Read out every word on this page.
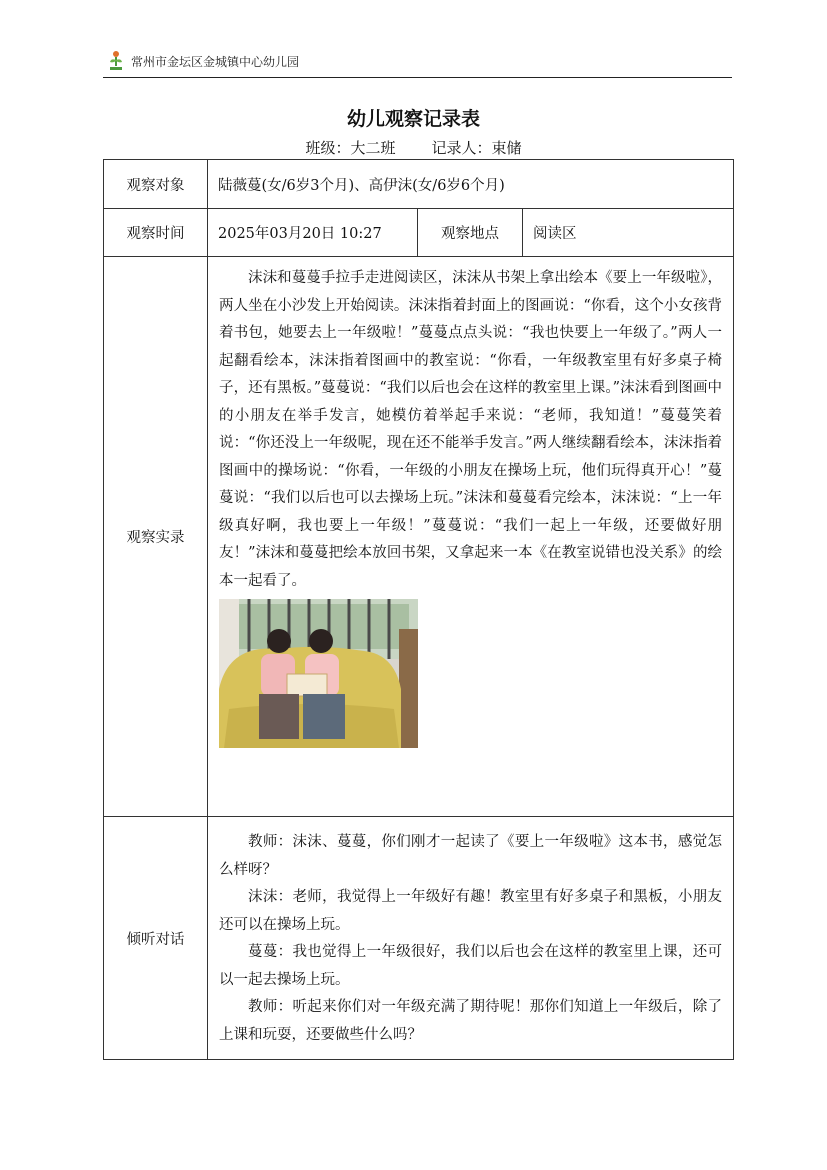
常州市金坛区金城镇中心幼儿园
幼儿观察记录表
班级：大二班 记录人：束储
观察对象	陆薇蔓(女/6岁3个月)、高伊沫(女/6岁6个月)		
观察时间	2025年03月20日 10:27	观察地点	阅读区
观察实录	沫沫和蔓蔓手拉手走进阅读区，沫沫从书架上拿出绘本《要上一年级啦》，两人坐在小沙发上开始阅读。沫沫指着封面上的图画说：“你看，这个小女孩背着书包，她要去上一年级啦！”蔓蔓点点头说：“我也快要上一年级了。”两人一起翻看绘本，沫沫指着图画中的教室说：“你看，一年级教室里有好多桌子椅子，还有黑板。”蔓蔓说：“我们以后也会在这样的教室里上课。”沫沫看到图画中的小朋友在举手发言，她模仿着举起手来说：“老师，我知道！”蔓蔓笑着说：“你还没上一年级呢，现在还不能举手发言。”两人继续翻看绘本，沫沫指着图画中的操场说：“你看，一年级的小朋友在操场上玩，他们玩得真开心！”蔓蔓说：“我们以后也可以去操场上玩。”沫沫和蔓蔓看完绘本，沫沫说：“上一年级真好啊，我也要上一年级！”蔓蔓说：“我们一起上一年级，还要做好朋友！”沫沫和蔓蔓把绘本放回书架，又拿起来一本《在教室说错也没关系》的绘本一起看了。		

倾听对话	教师：沫沫、蔓蔓，你们刚才一起读了《要上一年级啦》这本书，感觉怎么样呀？
沫沫：老师，我觉得上一年级好有趣！教室里有好多桌子和黑板，小朋友还可以在操场上玩。
蔓蔓：我也觉得上一年级很好，我们以后也会在这样的教室里上课，还可以一起去操场上玩。
教师：听起来你们对一年级充满了期待呢！那你们知道上一年级后，除了上课和玩耍，还要做些什么吗？		
